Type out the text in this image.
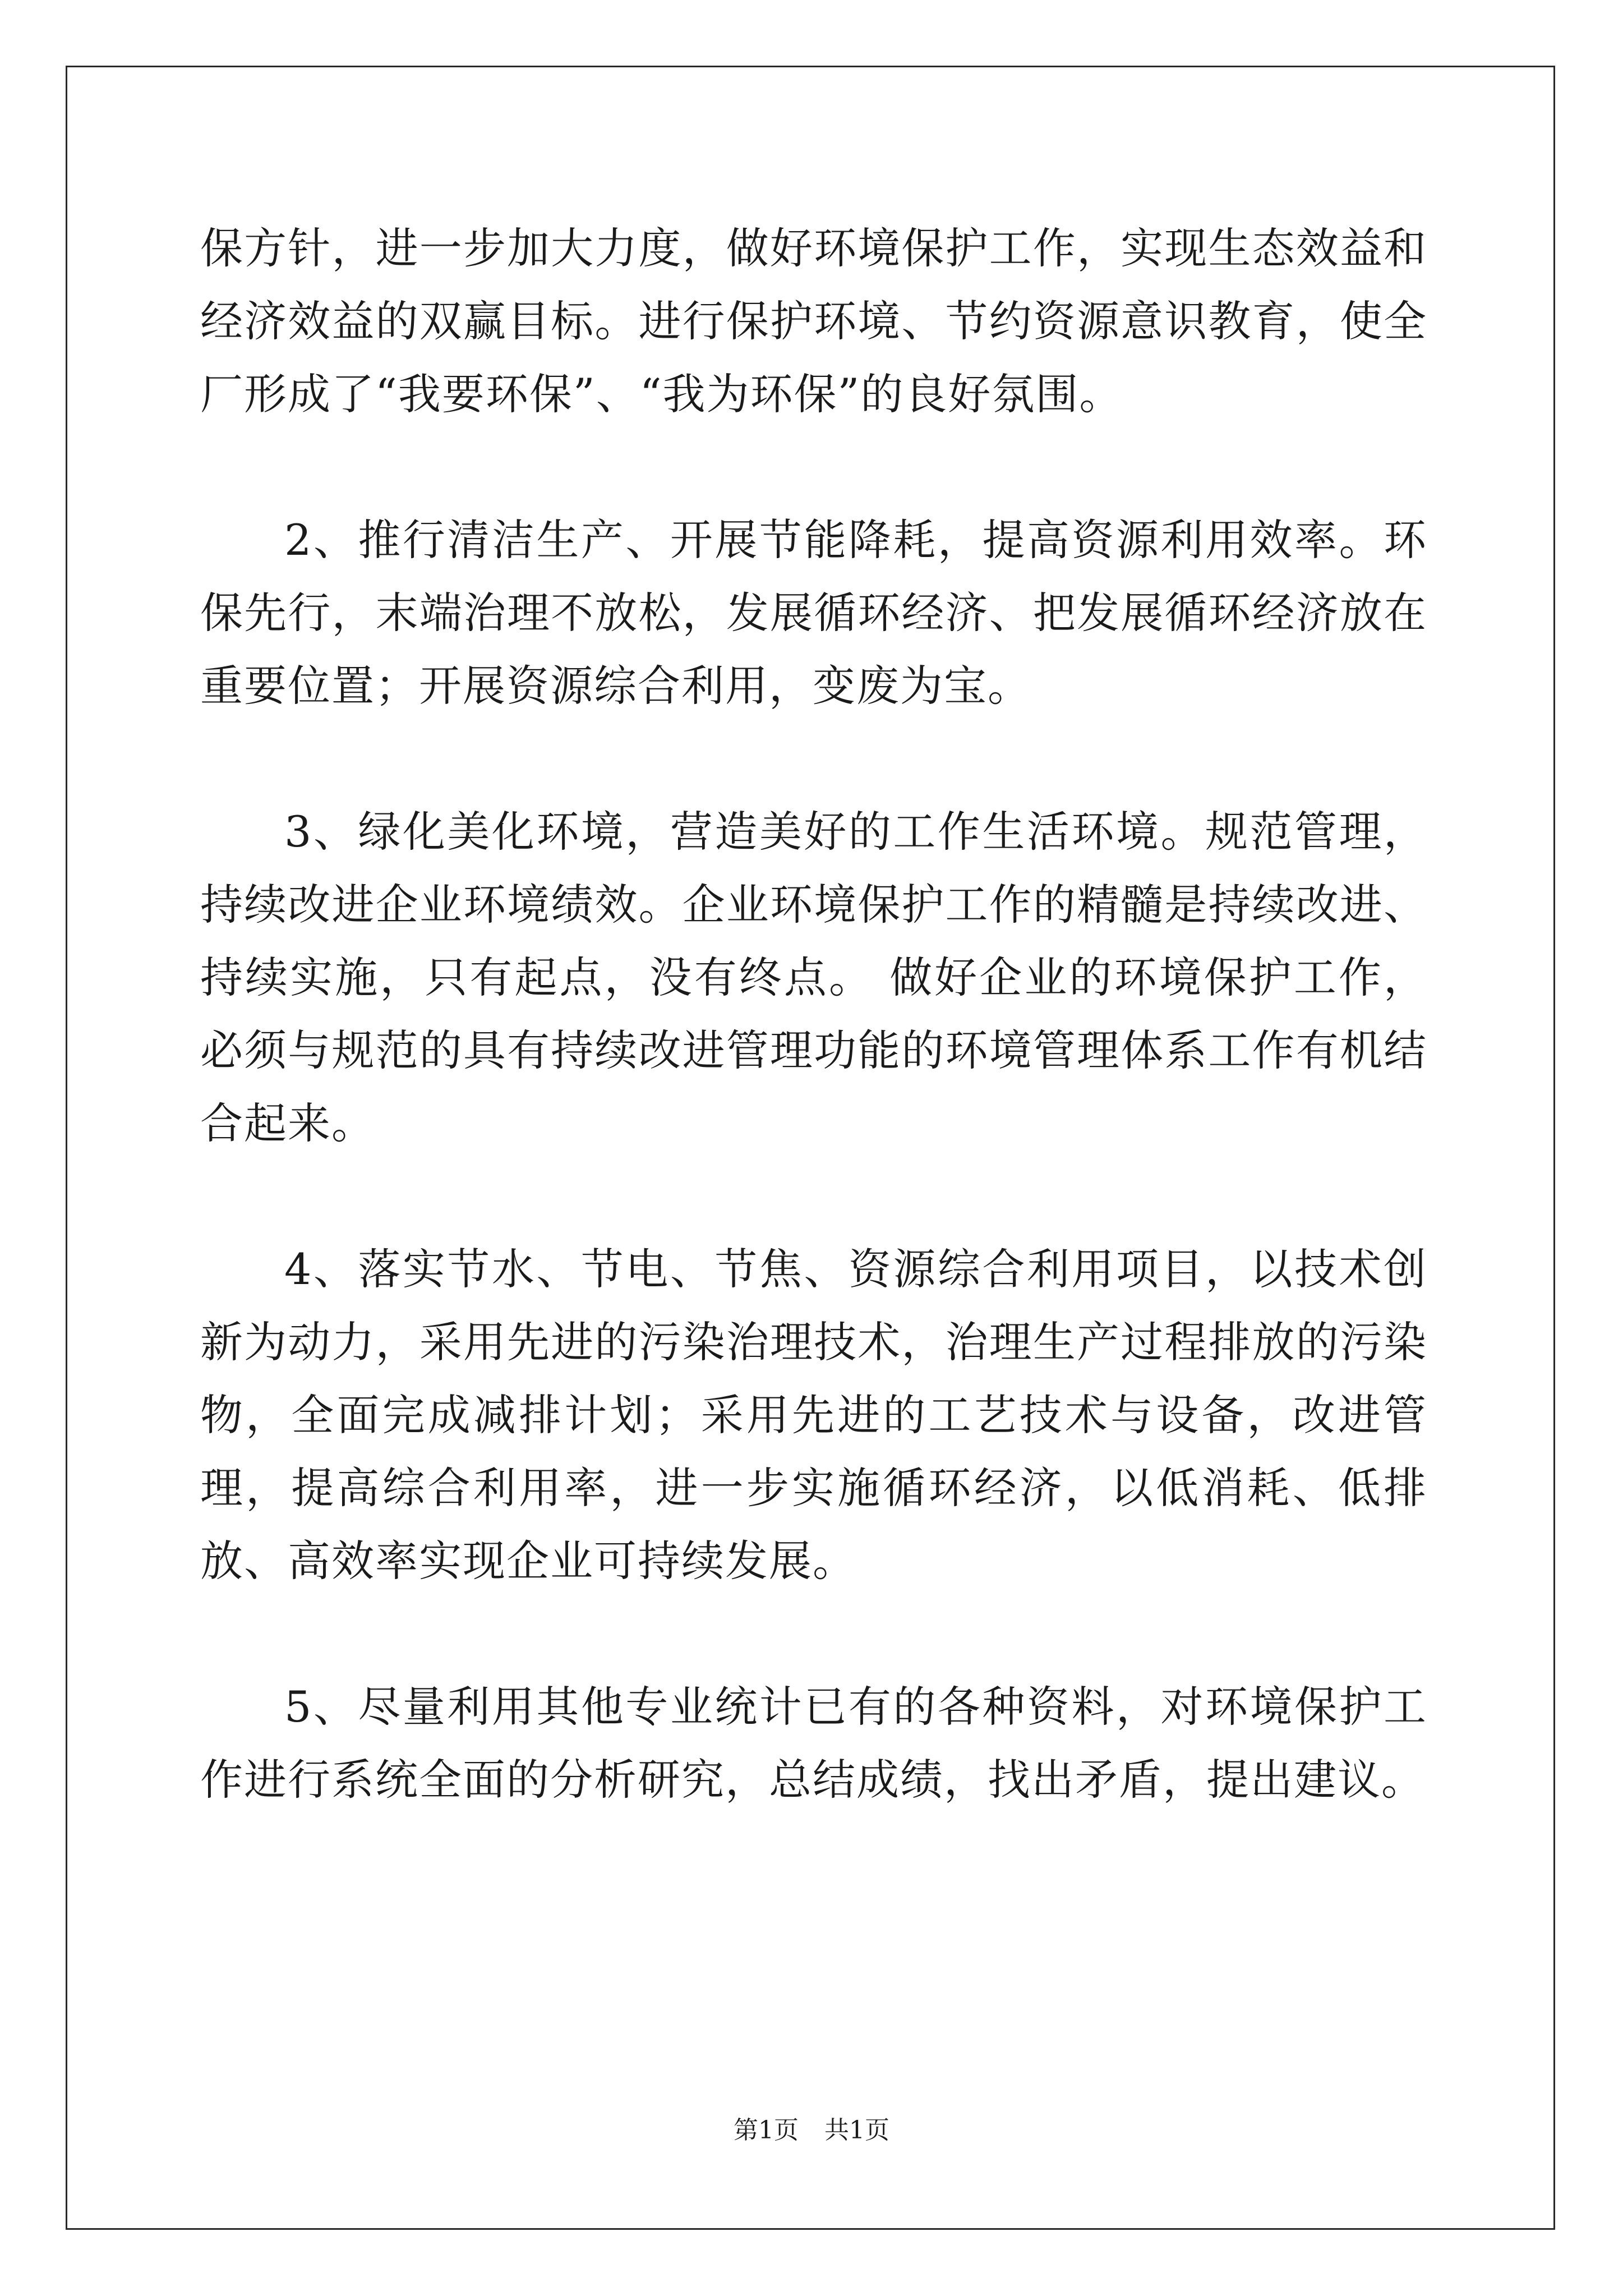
保方针，进一步加大力度，做好环境保护工作，实现生态效益和经济效益的双赢目标。进行保护环境、节约资源意识教育，使全厂形成了“我要环保”、“我为环保”的良好氛围。

2、推行清洁生产、开展节能降耗，提高资源利用效率。环保先行，末端治理不放松，发展循环经济、把发展循环经济放在重要位置；开展资源综合利用，变废为宝。

3、绿化美化环境，营造美好的工作生活环境。规范管理，持续改进企业环境绩效。企业环境保护工作的精髓是持续改进、持续实施，只有起点，没有终点。 做好企业的环境保护工作，必须与规范的具有持续改进管理功能的环境管理体系工作有机结合起来。

4、落实节水、节电、节焦、资源综合利用项目，以技术创新为动力，采用先进的污染治理技术，治理生产过程排放的污染物，全面完成减排计划；采用先进的工艺技术与设备，改进管理，提高综合利用率，进一步实施循环经济，以低消耗、低排放、高效率实现企业可持续发展。

5、尽量利用其他专业统计已有的各种资料，对环境保护工作进行系统全面的分析研究，总结成绩，找出矛盾，提出建议。

第1页 共1页
